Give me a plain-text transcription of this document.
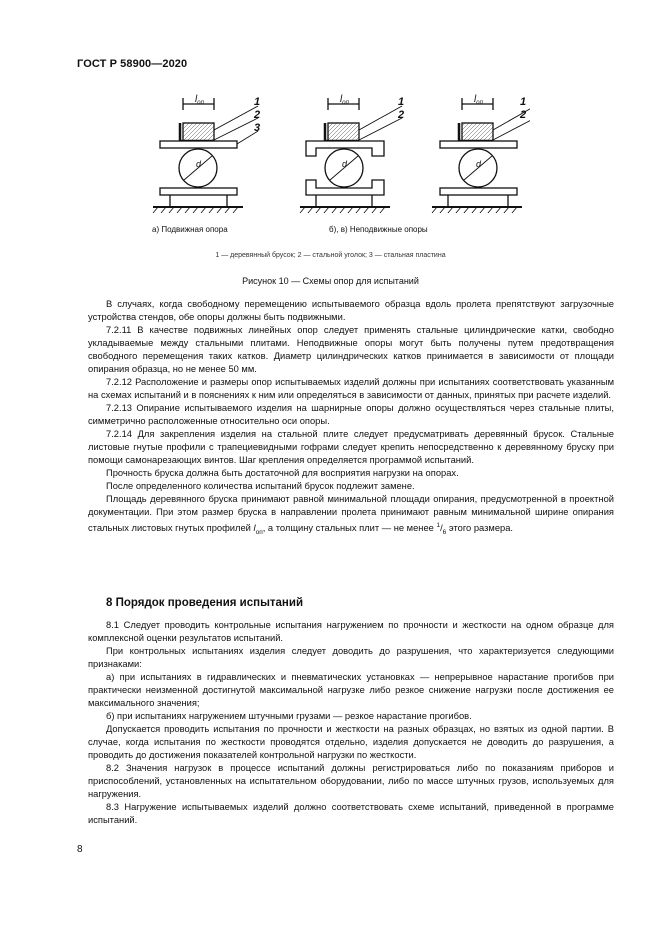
ГОСТ Р 58900—2020
$l_{оп}$	$l_{оп}$	$l_{оп}$
d	d	d
1
2
3
1
2
1
2
а) Подвижная опора	б), в) Неподвижные опоры
1 — деревянный брусок; 2 — стальной уголок; 3 — стальная пластина
Рисунок 10 — Схемы опор для испытаний

В случаях, когда свободному перемещению испытываемого образца вдоль пролета препятствуют загрузочные устройства стендов, обе опоры должны быть подвижными.

7.2.11 В качестве подвижных линейных опор следует применять стальные цилиндрические катки, свободно укладываемые между стальными плитами. Неподвижные опоры могут быть получены путем предотвращения свободного перемещения таких катков. Диаметр цилиндрических катков принимается в зависимости от площади опирания образца, но не менее 50 мм.

7.2.12 Расположение и размеры опор испытываемых изделий должны при испытаниях соответствовать указанным на схемах испытаний и в пояснениях к ним или определяться в зависимости от данных, принятых при расчете изделий.

7.2.13 Опирание испытываемого изделия на шарнирные опоры должно осуществляться через стальные плиты, симметрично расположенные относительно оси опоры.

7.2.14 Для закрепления изделия на стальной плите следует предусматривать деревянный брусок. Стальные листовые гнутые профили с трапециевидными гофрами следует крепить непосредственно к деревянному бруску при помощи самонарезающих винтов. Шаг крепления определяется программой испытаний.

Прочность бруска должна быть достаточной для восприятия нагрузки на опорах.

После определенного количества испытаний брусок подлежит замене.

Площадь деревянного бруска принимают равной минимальной площади опирания, предусмотренной в проектной документации. При этом размер бруска в направлении пролета принимают равным минимальной ширине опирания стальных листовых гнутых профилей $l_{оп}$, а толщину стальных плит — не менее $^1/_6$ этого размера.

8 Порядок проведения испытаний

8.1 Следует проводить контрольные испытания нагружением по прочности и жесткости на одном образце для комплексной оценки результатов испытаний.

При контрольных испытаниях изделия следует доводить до разрушения, что характеризуется следующими признаками:

а) при испытаниях в гидравлических и пневматических установках — непрерывное нарастание прогибов при практически неизменной достигнутой максимальной нагрузке либо резкое снижение нагрузки после достижения ее максимального значения;

б) при испытаниях нагружением штучными грузами — резкое нарастание прогибов.

Допускается проводить испытания по прочности и жесткости на разных образцах, но взятых из одной партии. В случае, когда испытания по жесткости проводятся отдельно, изделия допускается не доводить до разрушения, а проводить до достижения показателей контрольной нагрузки по жесткости.

8.2 Значения нагрузок в процессе испытаний должны регистрироваться либо по показаниям приборов и приспособлений, установленных на испытательном оборудовании, либо по массе штучных грузов, используемых для нагружения.

8.3 Нагружение испытываемых изделий должно соответствовать схеме испытаний, приведенной в программе испытаний.

8
